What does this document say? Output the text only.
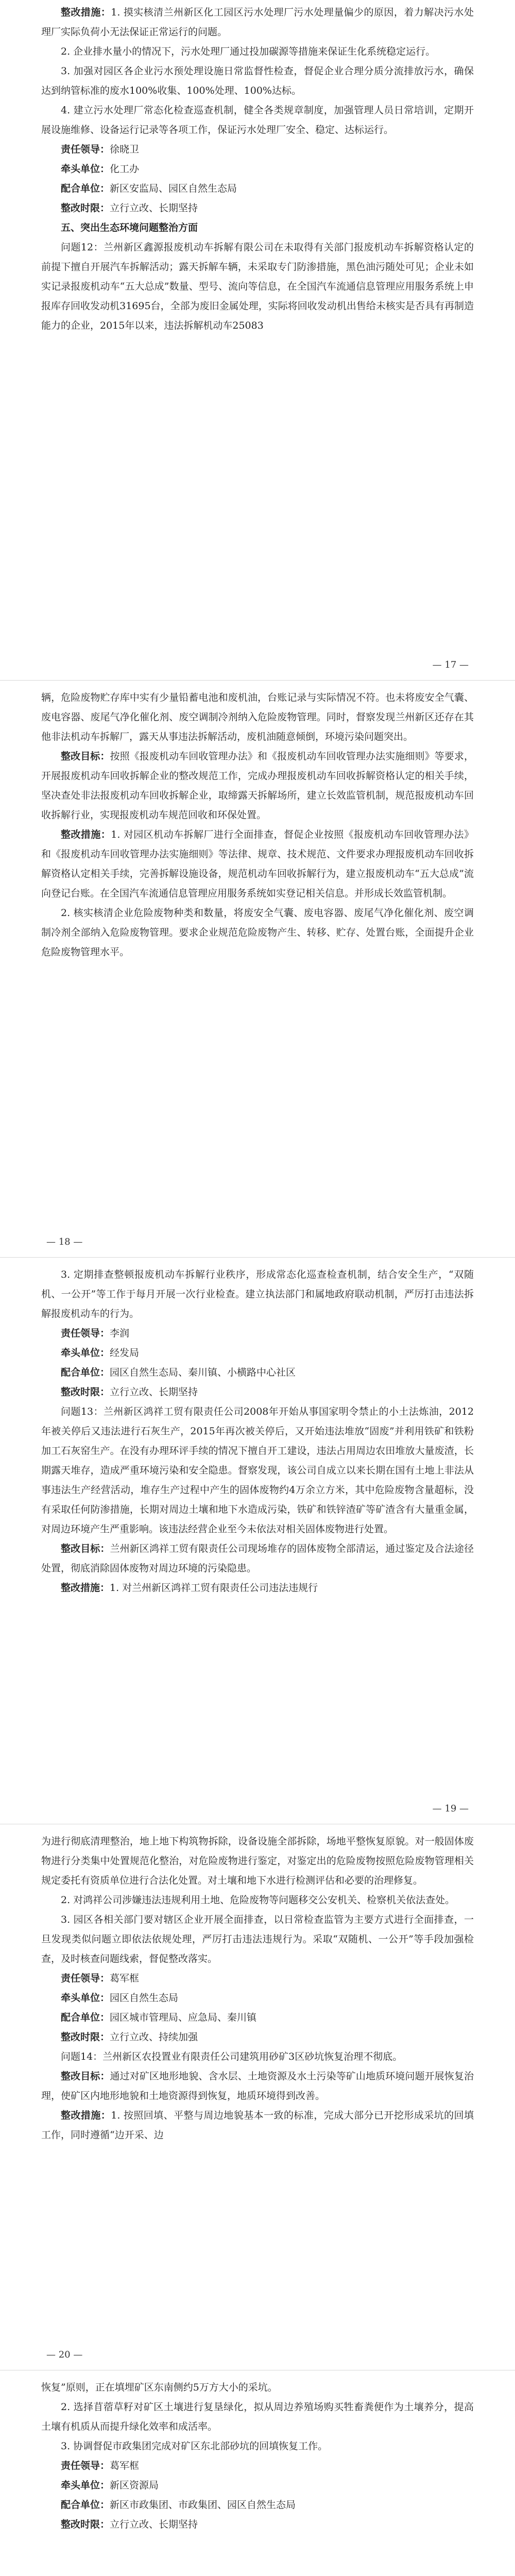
整改措施：1. 摸实核清兰州新区化工园区污水处理厂污水处理量偏少的原因，着力解决污水处理厂实际负荷小无法保证正常运行的问题。

2. 企业排水量小的情况下，污水处理厂通过投加碳源等措施来保证生化系统稳定运行。

3. 加强对园区各企业污水预处理设施日常监督性检查，督促企业合理分质分流排放污水，确保达到纳管标准的废水100%收集、100%处理、100%达标。

4. 建立污水处理厂常态化检查巡查机制，健全各类规章制度，加强管理人员日常培训，定期开展设施维修、设备运行记录等各项工作，保证污水处理厂安全、稳定、达标运行。

责任领导：徐晓卫

牵头单位：化工办

配合单位：新区安监局、园区自然生态局

整改时限：立行立改、长期坚持

五、突出生态环境问题整治方面

问题12：兰州新区鑫源报废机动车拆解有限公司在未取得有关部门报废机动车拆解资格认定的前提下擅自开展汽车拆解活动；露天拆解车辆，未采取专门防渗措施，黑色油污随处可见；企业未如实记录报废机动车“五大总成”数量、型号、流向等信息，在全国汽车流通信息管理应用服务系统上申报库存回收发动机31695台，全部为废旧金属处理，实际将回收发动机出售给未核实是否具有再制造能力的企业，2015年以来，违法拆解机动车25083

— 17 —

辆，危险废物贮存库中实有少量铅蓄电池和废机油，台账记录与实际情况不符。也未将废安全气囊、废电容器、废尾气净化催化剂、废空调制冷剂纳入危险废物管理。同时，督察发现兰州新区还存在其他非法机动车拆解厂，露天从事违法拆解活动，废机油随意倾倒，环境污染问题突出。

整改目标：按照《报废机动车回收管理办法》和《报废机动车回收管理办法实施细则》等要求，开展报废机动车回收拆解企业的整改规范工作，完成办理报废机动车回收拆解资格认定的相关手续，坚决查处非法报废机动车回收拆解企业，取缔露天拆解场所，建立长效监管机制，规范报废机动车回收拆解行业，实现报废机动车规范回收和环保处置。

整改措施：1. 对园区机动车拆解厂进行全面排查，督促企业按照《报废机动车回收管理办法》和《报废机动车回收管理办法实施细则》等法律、规章、技术规范、文件要求办理报废机动车回收拆解资格认定相关手续，完善拆解设施设备，规范机动车回收拆解行为，建立报废机动车“五大总成”流向登记台账。在全国汽车流通信息管理应用服务系统如实登记相关信息。并形成长效监管机制。

2. 核实核清企业危险废物种类和数量，将废安全气囊、废电容器、废尾气净化催化剂、废空调制冷剂全部纳入危险废物管理。要求企业规范危险废物产生、转移、贮存、处置台账，全面提升企业危险废物管理水平。

— 18 —

3. 定期排查整顿报废机动车拆解行业秩序，形成常态化巡查检查机制，结合安全生产，“双随机、一公开”等工作于每月开展一次行业检查。建立执法部门和属地政府联动机制，严厉打击违法拆解报废机动车的行为。

责任领导：李润

牵头单位：经发局

配合单位：园区自然生态局、秦川镇、小横路中心社区

整改时限：立行立改、长期坚持

问题13：兰州新区鸿祥工贸有限责任公司2008年开始从事国家明令禁止的小土法炼油，2012年被关停后又违法进行石灰生产，2015年再次被关停后，又开始违法堆放“固废”并利用铁矿和铁粉加工石灰窑生产。在没有办理环评手续的情况下擅自开工建设，违法占用周边农田堆放大量废渣，长期露天堆存，造成严重环境污染和安全隐患。督察发现，该公司自成立以来长期在国有土地上非法从事违法生产经营活动，堆存生产过程中产生的固体废物约4万余立方米，其中危险废物含量超标，没有采取任何防渗措施，长期对周边土壤和地下水造成污染，铁矿和铁锌渣矿等矿渣含有大量重金属，对周边环境产生严重影响。该违法经营企业至今未依法对相关固体废物进行处置。

整改目标：兰州新区鸿祥工贸有限责任公司现场堆存的固体废物全部清运，通过鉴定及合法途径处置，彻底消除固体废物对周边环境的污染隐患。

整改措施：1. 对兰州新区鸿祥工贸有限责任公司违法违规行

— 19 —

为进行彻底清理整治，地上地下构筑物拆除，设备设施全部拆除，场地平整恢复原貌。对一般固体废物进行分类集中处置规范化整治，对危险废物进行鉴定，对鉴定出的危险废物按照危险废物管理相关规定委托有资质单位进行合法化处置。对土壤和地下水进行检测评估和必要的治理修复。

2. 对鸿祥公司涉嫌违法违规利用土地、危险废物等问题移交公安机关、检察机关依法查处。

3. 园区各相关部门要对辖区企业开展全面排查，以日常检查监管为主要方式进行全面排查，一旦发现类似问题立即依法依规处理，严厉打击违法违规行为。采取“双随机、一公开”等手段加强检查，及时核查问题线索，督促整改落实。

责任领导：葛军框

牵头单位：园区自然生态局

配合单位：园区城市管理局、应急局、秦川镇

整改时限：立行立改、持续加强

问题14：兰州新区农投置业有限责任公司建筑用砂矿3区砂坑恢复治理不彻底。

整改目标：通过对矿区地形地貌、含水层、土地资源及水土污染等矿山地质环境问题开展恢复治理，使矿区内地形地貌和土地资源得到恢复，地质环境得到改善。

整改措施：1. 按照回填、平整与周边地貌基本一致的标准，完成大部分已开挖形成采坑的回填工作，同时遵循“边开采、边

— 20 —

恢复”原则，正在填埋矿区东南侧约5万方大小的采坑。

2. 选择苜蓿草籽对矿区土壤进行复垦绿化，拟从周边养殖场购买牲畜粪便作为土壤养分，提高土壤有机质从而提升绿化效率和成活率。

3. 协调督促市政集团完成对矿区东北部砂坑的回填恢复工作。

责任领导：葛军框

牵头单位：新区资源局

配合单位：新区市政集团、市政集团、园区自然生态局

整改时限：立行立改、长期坚持
